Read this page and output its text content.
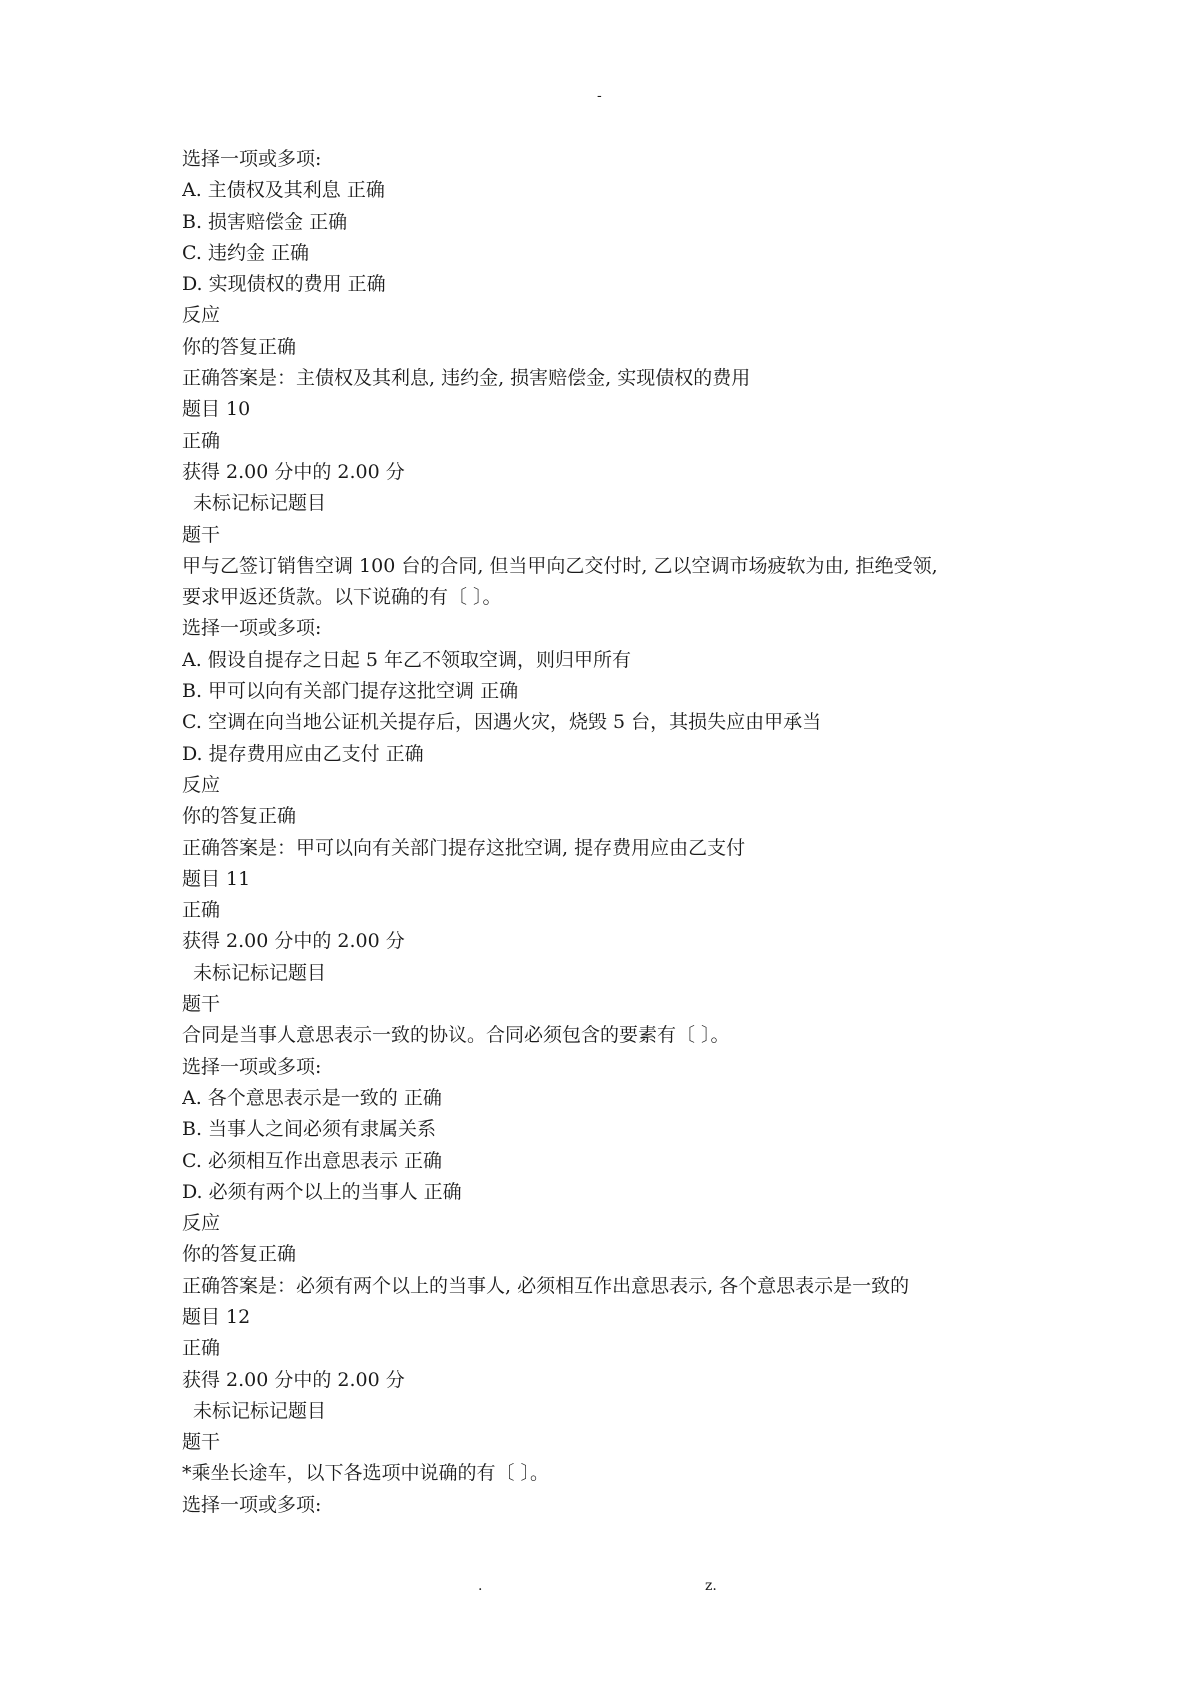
-
选择一项或多项:
A. 主债权及其利息 正确
B. 损害赔偿金 正确
C. 违约金 正确
D. 实现债权的费用 正确
反应
你的答复正确
正确答案是：主债权及其利息, 违约金, 损害赔偿金, 实现债权的费用
题目 10
正确
获得 2.00 分中的 2.00 分
未标记标记题目
题干
甲与乙签订销售空调 100 台的合同, 但当甲向乙交付时, 乙以空调市场疲软为由, 拒绝受领,
要求甲返还货款。以下说确的有〔 〕。
选择一项或多项:
A. 假设自提存之日起 5 年乙不领取空调，则归甲所有
B. 甲可以向有关部门提存这批空调 正确
C. 空调在向当地公证机关提存后，因遇火灾，烧毁 5 台，其损失应由甲承当
D. 提存费用应由乙支付 正确
反应
你的答复正确
正确答案是：甲可以向有关部门提存这批空调, 提存费用应由乙支付
题目 11
正确
获得 2.00 分中的 2.00 分
未标记标记题目
题干
合同是当事人意思表示一致的协议。合同必须包含的要素有〔 〕。
选择一项或多项:
A. 各个意思表示是一致的 正确
B. 当事人之间必须有隶属关系
C. 必须相互作出意思表示 正确
D. 必须有两个以上的当事人 正确
反应
你的答复正确
正确答案是：必须有两个以上的当事人, 必须相互作出意思表示, 各个意思表示是一致的
题目 12
正确
获得 2.00 分中的 2.00 分
未标记标记题目
题干
*乘坐长途车，以下各选项中说确的有〔 〕。
选择一项或多项:
.	z.
